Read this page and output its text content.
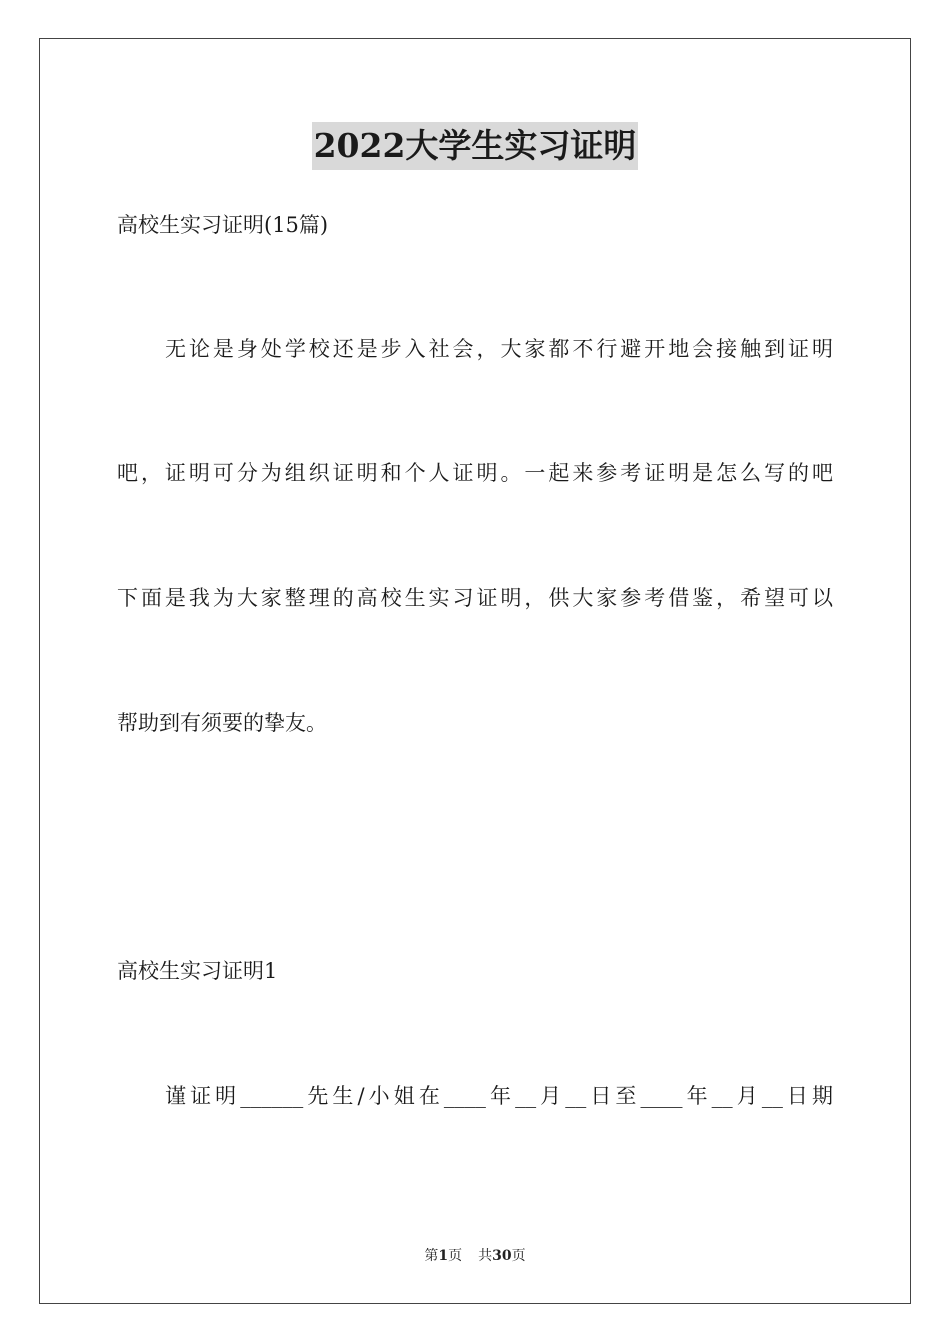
2022大学生实习证明
高校生实习证明(15篇)
无论是身处学校还是步入社会，大家都不行避开地会接触到证明
吧，证明可分为组织证明和个人证明。一起来参考证明是怎么写的吧
下面是我为大家整理的高校生实习证明，供大家参考借鉴，希望可以
帮助到有须要的挚友。
高校生实习证明1
谨证明______先生/小姐在____年__月__日至____年__月__日期
第1页 共30页
